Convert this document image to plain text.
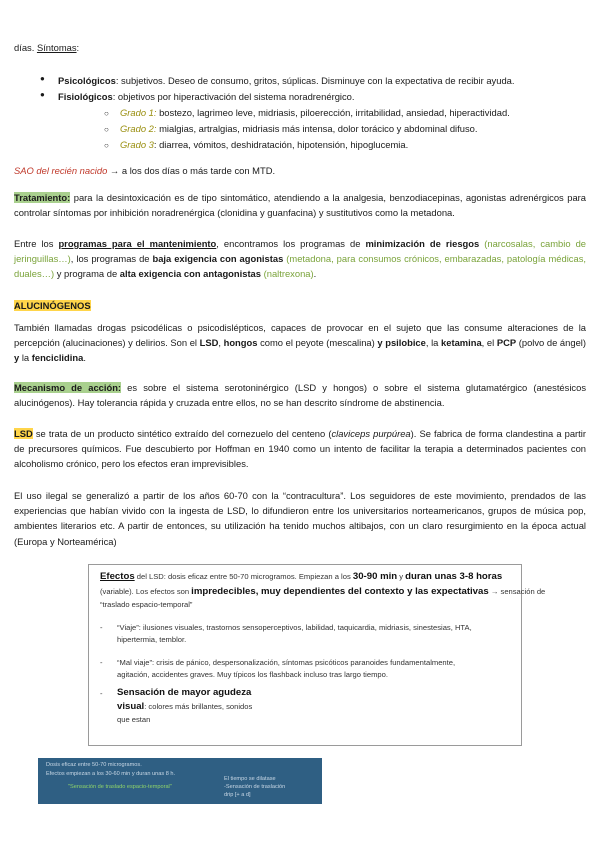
días. Síntomas:

● Psicológicos: subjetivos. Deseo de consumo, gritos, súplicas. Disminuye con la expectativa de recibir ayuda.
● Fisiológicos: objetivos por hiperactivación del sistema noradrenérgico.
○ Grado 1: bostezo, lagrimeo leve, midriasis, piloerección, irritabilidad, ansiedad, hiperactividad.
○ Grado 2: mialgias, artralgias, midriasis más intensa, dolor torácico y abdominal difuso.
○ Grado 3: diarrea, vómitos, deshidratación, hipotensión, hipoglucemia.

SAO del recién nacido → a los dos días o más tarde con MTD.

Tratamiento: para la desintoxicación es de tipo sintomático, atendiendo a la analgesia, benzodiacepinas, agonistas adrenérgicos para controlar síntomas por inhibición noradrenérgica (clonidina y guanfacina) y sustitutivos como la metadona.

Entre los programas para el mantenimiento, encontramos los programas de minimización de riesgos (narcosalas, cambio de jeringuillas…), los programas de baja exigencia con agonistas (metadona, para consumos crónicos, embarazadas, patología médicas, duales…) y programa de alta exigencia con antagonistas (naltrexona).

ALUCINÓGENOS

También llamadas drogas psicodélicas o psicodislépticos, capaces de provocar en el sujeto que las consume alteraciones de la percepción (alucinaciones) y delirios. Son el LSD, hongos como el peyote (mescalina) y psilobice, la ketamina, el PCP (polvo de ángel) y la fenciclidina.

Mecanismo de acción: es sobre el sistema serotoninérgico (LSD y hongos) o sobre el sistema glutamatérgico (anestésicos alucinógenos). Hay tolerancia rápida y cruzada entre ellos, no se han descrito síndrome de abstinencia.

LSD se trata de un producto sintético extraído del cornezuelo del centeno (claviceps purpúrea). Se fabrica de forma clandestina a partir de precursores químicos. Fue descubierto por Hoffman en 1940 como un intento de facilitar la terapia a determinados pacientes con alcoholismo crónico, pero los efectos eran imprevisibles.

El uso ilegal se generalizó a partir de los años 60-70 con la “contracultura”. Los seguidores de este movimiento, prendados de las experiencias que habían vivido con la ingesta de LSD, lo difundieron entre los universitarios norteamericanos, grupos de música pop, ambientes literarios etc. A partir de entonces, su utilización ha tenido muchos altibajos, con un claro resurgimiento en la época actual (Europa y Norteamérica)

Efectos del LSD: dosis eficaz entre 50-70 microgramos. Empiezan a los 30-90 min y duran unas 3-8 horas
(variable). Los efectos son impredecibles, muy dependientes del contexto y las expectativas → sensación de
“traslado espacio-temporal”
- “Viaje”: ilusiones visuales, trastornos sensoperceptivos, labilidad, taquicardia, midriasis, sinestesias, HTA,
hipertermia, temblor.
- “Mal viaje”: crisis de pánico, despersonalización, síntomas psicóticos paranoides fundamentalmente,
agitación, accidentes graves. Muy típicos los flashback incluso tras largo tiempo.
- Sensación de mayor agudeza
visual: colores más brillantes, sonidos
que estan
Dosis eficaz entre 50-70 microgramos.
Efectos empiezan a los 30-60 min y duran unas 8 h.
"Sensación de traslado espacio-temporal"
El tiempo se dilatase
-Sensación de traslación
drip [+ a d]
